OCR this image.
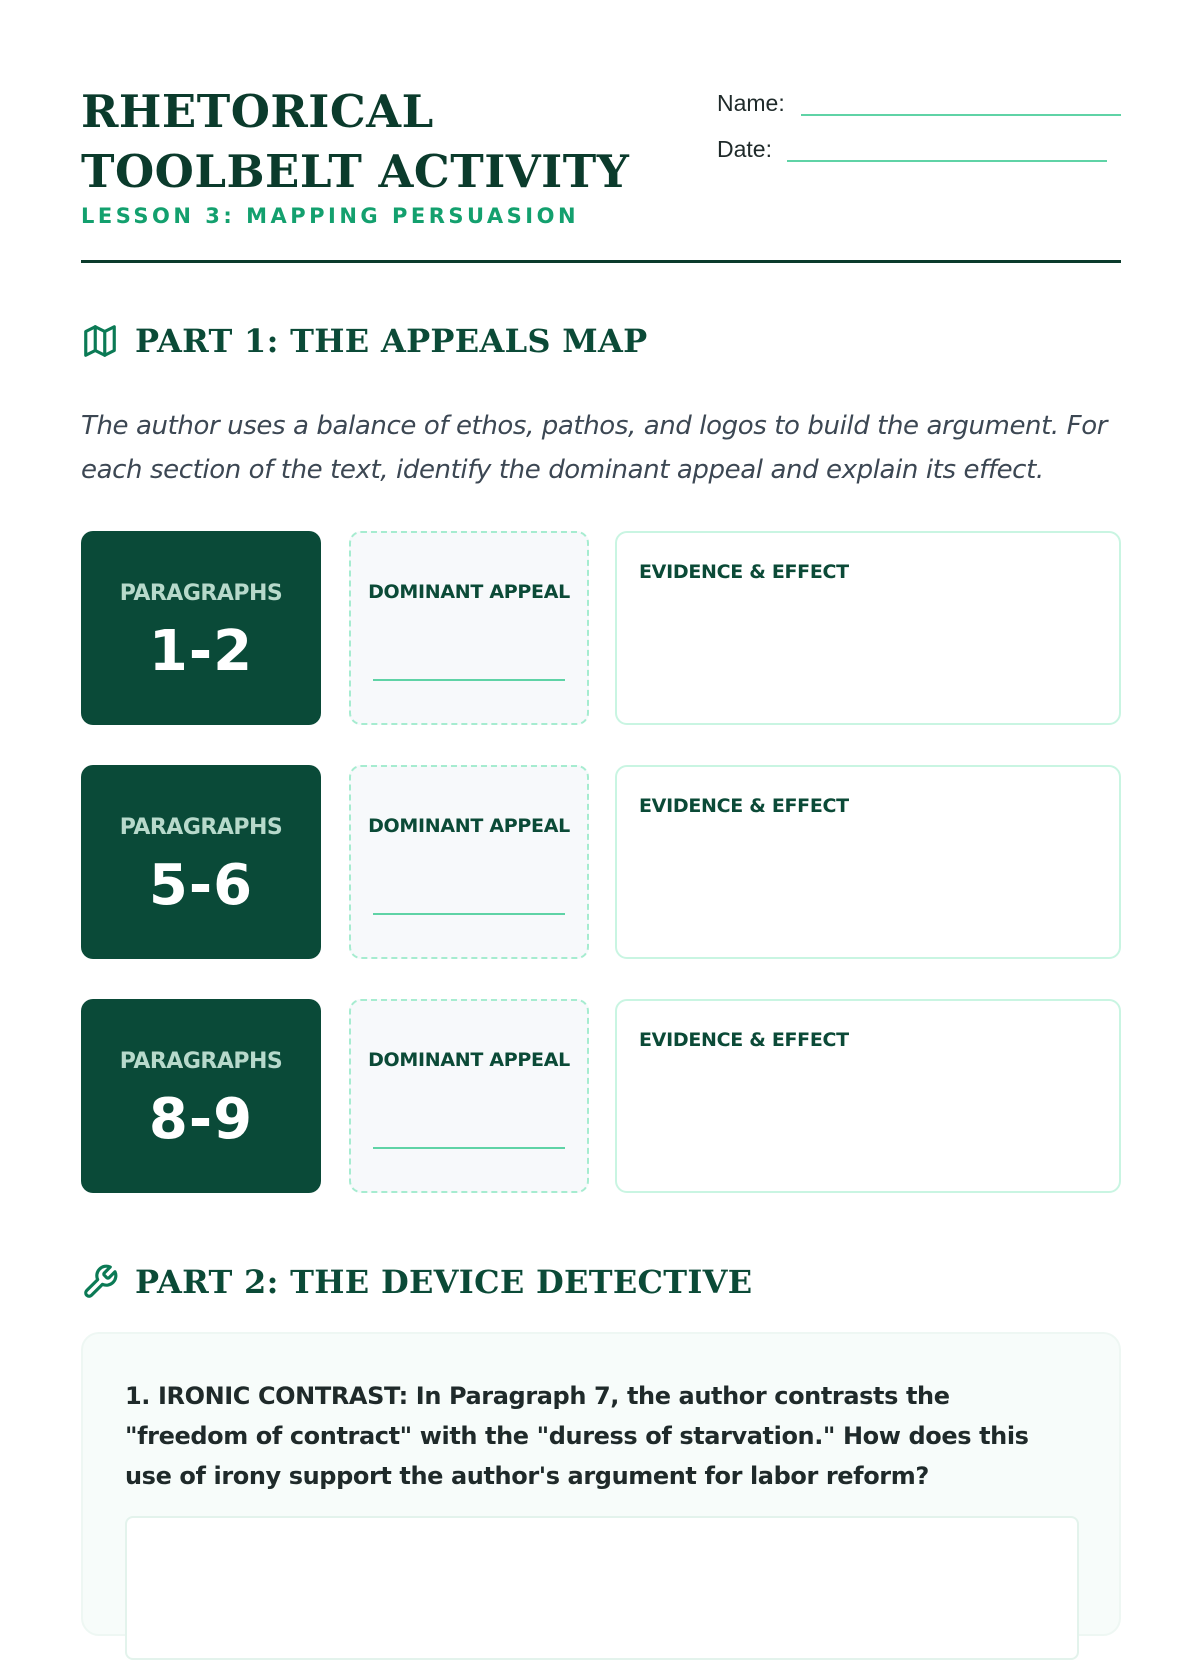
RHETORICAL TOOLBELT ACTIVITY
LESSON 3: MAPPING PERSUASION
Name:
Date:
PART 1: THE APPEALS MAP
The author uses a balance of ethos, pathos, and logos to build the argument. For each section of the text, identify the dominant appeal and explain its effect.
PARAGRAPHS
1-2
DOMINANT APPEAL
EVIDENCE & EFFECT
PARAGRAPHS
5-6
DOMINANT APPEAL
EVIDENCE & EFFECT
PARAGRAPHS
8-9
DOMINANT APPEAL
EVIDENCE & EFFECT
PART 2: THE DEVICE DETECTIVE
1. IRONIC CONTRAST: In Paragraph 7, the author contrasts the "freedom of contract" with the "duress of starvation." How does this use of irony support the author's argument for labor reform?
